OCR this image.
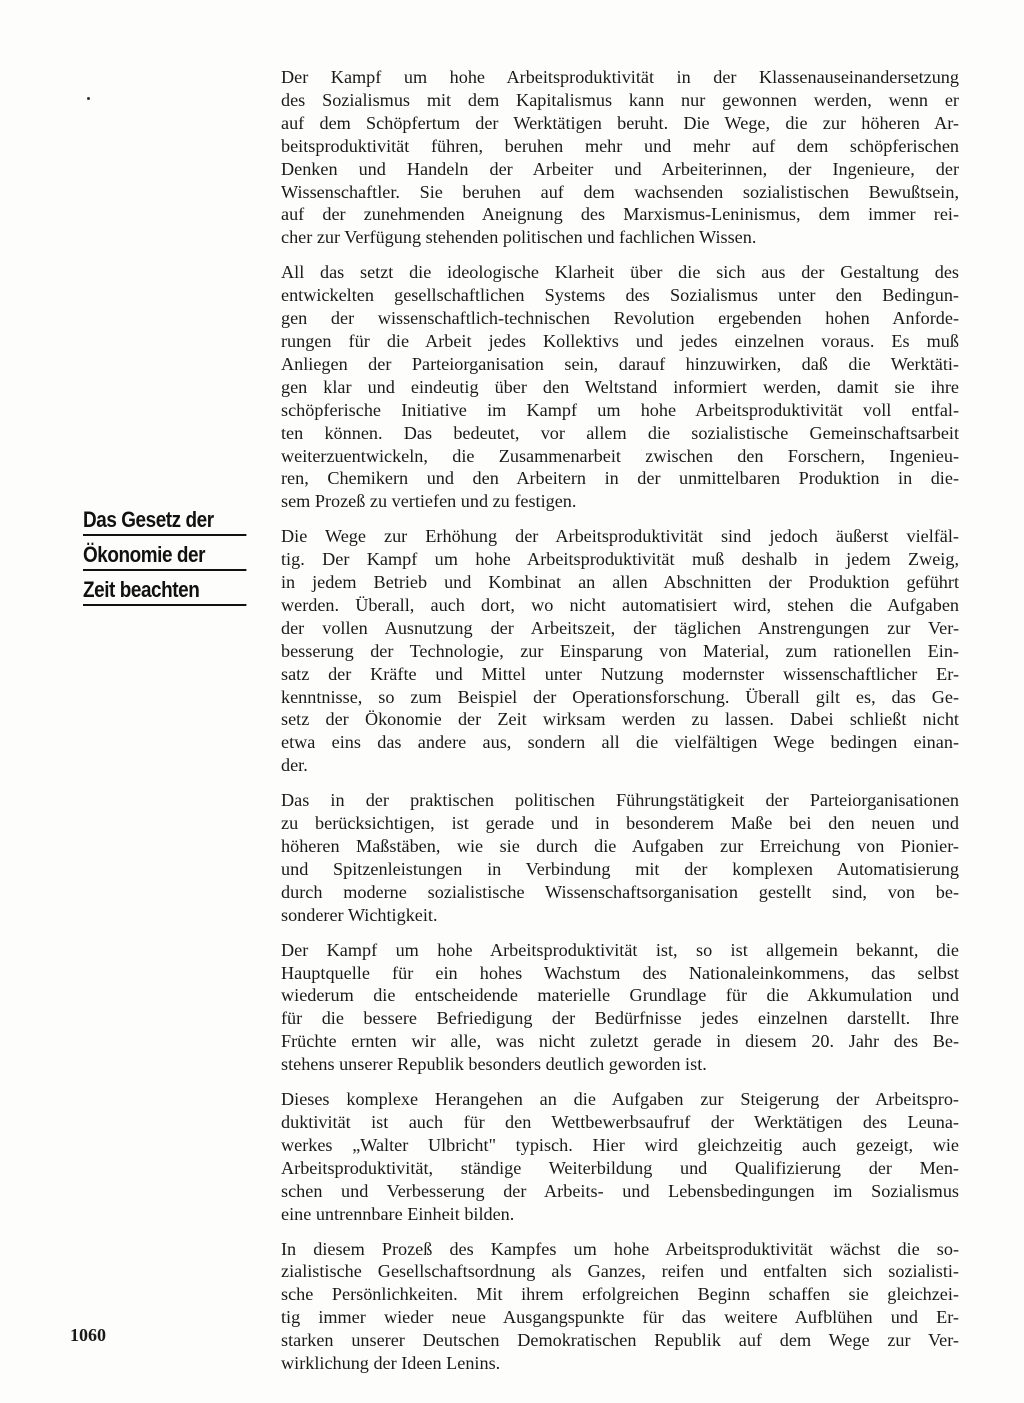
Das Gesetz der
Ökonomie der
Zeit beachten
Der Kampf um hohe Arbeitsproduktivität in der Klassenauseinandersetzung
des Sozialismus mit dem Kapitalismus kann nur gewonnen werden, wenn er
auf dem Schöpfertum der Werktätigen beruht. Die Wege, die zur höheren Ar-
beitsproduktivität führen, beruhen mehr und mehr auf dem schöpferischen
Denken und Handeln der Arbeiter und Arbeiterinnen, der Ingenieure, der
Wissenschaftler. Sie beruhen auf dem wachsenden sozialistischen Bewußtsein,
auf der zunehmenden Aneignung des Marxismus-Leninismus, dem immer rei-
cher zur Verfügung stehenden politischen und fachlichen Wissen.
All das setzt die ideologische Klarheit über die sich aus der Gestaltung des
entwickelten gesellschaftlichen Systems des Sozialismus unter den Bedingun-
gen der wissenschaftlich-technischen Revolution ergebenden hohen Anforde-
rungen für die Arbeit jedes Kollektivs und jedes einzelnen voraus. Es muß
Anliegen der Parteiorganisation sein, darauf hinzuwirken, daß die Werktäti-
gen klar und eindeutig über den Weltstand informiert werden, damit sie ihre
schöpferische Initiative im Kampf um hohe Arbeitsproduktivität voll entfal-
ten können. Das bedeutet, vor allem die sozialistische Gemeinschaftsarbeit
weiterzuentwickeln, die Zusammenarbeit zwischen den Forschern, Ingenieu-
ren, Chemikern und den Arbeitern in der unmittelbaren Produktion in die-
sem Prozeß zu vertiefen und zu festigen.
Die Wege zur Erhöhung der Arbeitsproduktivität sind jedoch äußerst vielfäl-
tig. Der Kampf um hohe Arbeitsproduktivität muß deshalb in jedem Zweig,
in jedem Betrieb und Kombinat an allen Abschnitten der Produktion geführt
werden. Überall, auch dort, wo nicht automatisiert wird, stehen die Aufgaben
der vollen Ausnutzung der Arbeitszeit, der täglichen Anstrengungen zur Ver-
besserung der Technologie, zur Einsparung von Material, zum rationellen Ein-
satz der Kräfte und Mittel unter Nutzung modernster wissenschaftlicher Er-
kenntnisse, so zum Beispiel der Operationsforschung. Überall gilt es, das Ge-
setz der Ökonomie der Zeit wirksam werden zu lassen. Dabei schließt nicht
etwa eins das andere aus, sondern all die vielfältigen Wege bedingen einan-
der.
Das in der praktischen politischen Führungstätigkeit der Parteiorganisationen
zu berücksichtigen, ist gerade und in besonderem Maße bei den neuen und
höheren Maßstäben, wie sie durch die Aufgaben zur Erreichung von Pionier-
und Spitzenleistungen in Verbindung mit der komplexen Automatisierung
durch moderne sozialistische Wissenschaftsorganisation gestellt sind, von be-
sonderer Wichtigkeit.
Der Kampf um hohe Arbeitsproduktivität ist, so ist allgemein bekannt, die
Hauptquelle für ein hohes Wachstum des Nationaleinkommens, das selbst
wiederum die entscheidende materielle Grundlage für die Akkumulation und
für die bessere Befriedigung der Bedürfnisse jedes einzelnen darstellt. Ihre
Früchte ernten wir alle, was nicht zuletzt gerade in diesem 20. Jahr des Be-
stehens unserer Republik besonders deutlich geworden ist.
Dieses komplexe Herangehen an die Aufgaben zur Steigerung der Arbeitspro-
duktivität ist auch für den Wettbewerbsaufruf der Werktätigen des Leuna-
werkes „Walter Ulbricht" typisch. Hier wird gleichzeitig auch gezeigt, wie
Arbeitsproduktivität, ständige Weiterbildung und Qualifizierung der Men-
schen und Verbesserung der Arbeits- und Lebensbedingungen im Sozialismus
eine untrennbare Einheit bilden.
In diesem Prozeß des Kampfes um hohe Arbeitsproduktivität wächst die so-
zialistische Gesellschaftsordnung als Ganzes, reifen und entfalten sich sozialisti-
sche Persönlichkeiten. Mit ihrem erfolgreichen Beginn schaffen sie gleichzei-
tig immer wieder neue Ausgangspunkte für das weitere Aufblühen und Er-
starken unserer Deutschen Demokratischen Republik auf dem Wege zur Ver-
wirklichung der Ideen Lenins.
1060
